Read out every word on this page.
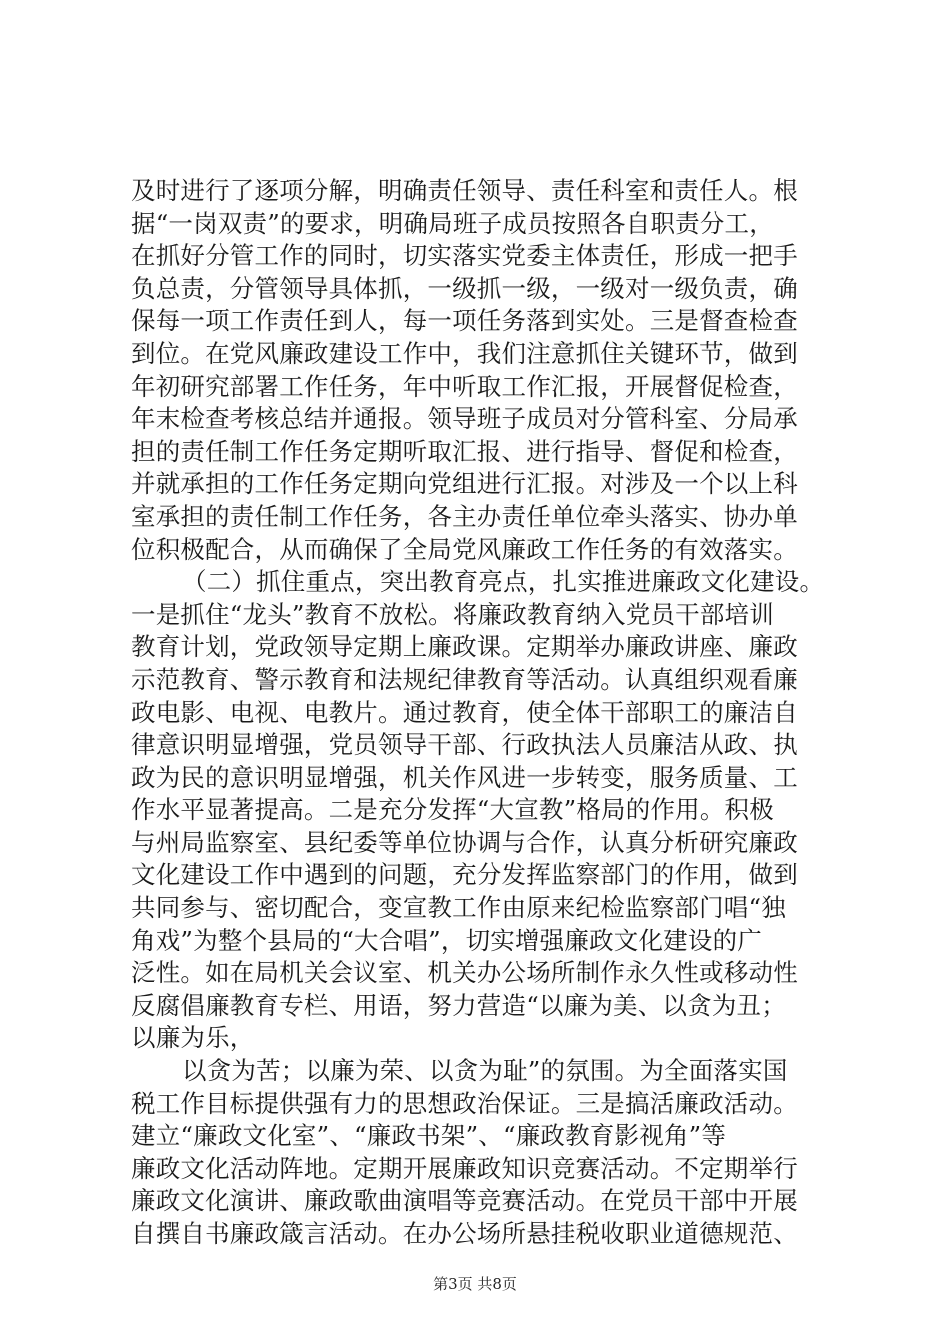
及时进行了逐项分解，明确责任领导、责任科室和责任人。根
据“一岗双责”的要求，明确局班子成员按照各自职责分工，
在抓好分管工作的同时，切实落实党委主体责任，形成一把手
负总责，分管领导具体抓，一级抓一级，一级对一级负责，确
保每一项工作责任到人，每一项任务落到实处。三是督查检查
到位。在党风廉政建设工作中，我们注意抓住关键环节，做到
年初研究部署工作任务，年中听取工作汇报，开展督促检查，
年末检查考核总结并通报。领导班子成员对分管科室、分局承
担的责任制工作任务定期听取汇报、进行指导、督促和检查，
并就承担的工作任务定期向党组进行汇报。对涉及一个以上科
室承担的责任制工作任务，各主办责任单位牵头落实、协办单
位积极配合，从而确保了全局党风廉政工作任务的有效落实。
（二）抓住重点，突出教育亮点，扎实推进廉政文化建设。
一是抓住“龙头”教育不放松。将廉政教育纳入党员干部培训
教育计划，党政领导定期上廉政课。定期举办廉政讲座、廉政
示范教育、警示教育和法规纪律教育等活动。认真组织观看廉
政电影、电视、电教片。通过教育，使全体干部职工的廉洁自
律意识明显增强，党员领导干部、行政执法人员廉洁从政、执
政为民的意识明显增强，机关作风进一步转变，服务质量、工
作水平显著提高。二是充分发挥“大宣教”格局的作用。积极
与州局监察室、县纪委等单位协调与合作，认真分析研究廉政
文化建设工作中遇到的问题，充分发挥监察部门的作用，做到
共同参与、密切配合，变宣教工作由原来纪检监察部门唱“独
角戏”为整个县局的“大合唱”，切实增强廉政文化建设的广
泛性。如在局机关会议室、机关办公场所制作永久性或移动性
反腐倡廉教育专栏、用语，努力营造“以廉为美、以贪为丑；
以廉为乐，
以贪为苦；以廉为荣、以贪为耻”的氛围。为全面落实国
税工作目标提供强有力的思想政治保证。三是搞活廉政活动。
建立“廉政文化室”、“廉政书架”、“廉政教育影视角”等
廉政文化活动阵地。定期开展廉政知识竞赛活动。不定期举行
廉政文化演讲、廉政歌曲演唱等竞赛活动。在党员干部中开展
自撰自书廉政箴言活动。在办公场所悬挂税收职业道德规范、
第3页 共8页
